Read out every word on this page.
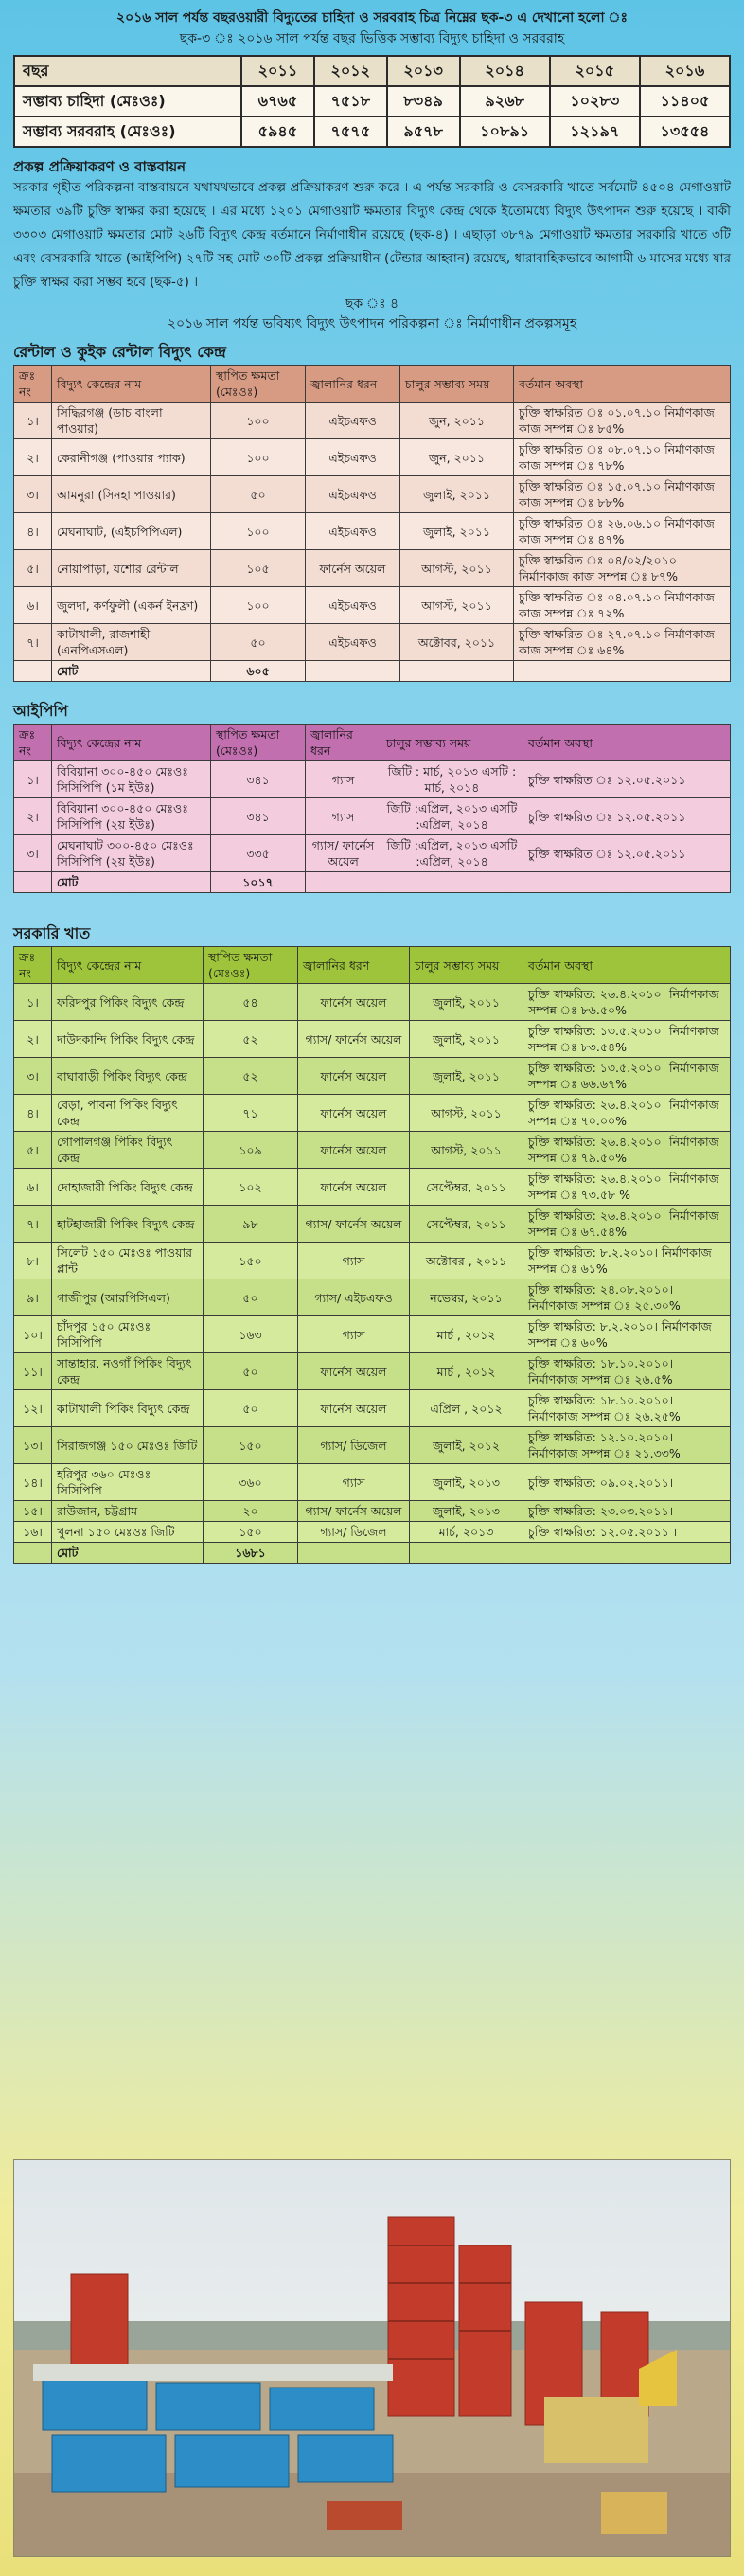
২০১৬ সাল পর্যন্ত বছরওয়ারী বিদ্যুতের চাহিদা ও সরবরাহ চিত্র নিম্নের ছক-৩ এ দেখানো হলো ঃ
ছক-৩ ঃ ২০১৬ সাল পর্যন্ত বছর ভিত্তিক সম্ভাব্য বিদ্যুৎ চাহিদা ও সরবরাহ
বছর	২০১১	২০১২	২০১৩	২০১৪	২০১৫	২০১৬
সম্ভাব্য চাহিদা (মেঃওঃ)	৬৭৬৫	৭৫১৮	৮৩৪৯	৯২৬৮	১০২৮৩	১১৪০৫
সম্ভাব্য সরবরাহ (মেঃওঃ)	৫৯৪৫	৭৫৭৫	৯৫৭৮	১০৮৯১	১২১৯৭	১৩৫৫৪
প্রকল্প প্রক্রিয়াকরণ ও বাস্তবায়ন
সরকার গৃহীত পরিকল্পনা বাস্তবায়নে যথাযথভাবে প্রকল্প প্রক্রিয়াকরণ শুরু করে । এ পর্যন্ত সরকারি ও বেসরকারি খাতে সর্বমোট ৪৫০৪ মেগাওয়াট ক্ষমতার ৩৯টি চুক্তি স্বাক্ষর করা হয়েছে । এর মধ্যে ১২০১ মেগাওয়াট ক্ষমতার বিদ্যুৎ কেন্দ্র থেকে ইতোমধ্যে বিদ্যুৎ উৎপাদন শুরু হয়েছে । বাকী ৩৩০৩ মেগাওয়াট ক্ষমতার মোট ২৬টি বিদ্যুৎ কেন্দ্র বর্তমানে নির্মাণাধীন রয়েছে (ছক-৪) । এছাড়া ৩৮৭৯ মেগাওয়াট ক্ষমতার সরকারি খাতে ৩টি এবং বেসরকারি খাতে (আইপিপি) ২৭টি সহ মোট ৩০টি প্রকল্প প্রক্রিয়াধীন (টেন্ডার আহ্বান) রয়েছে, ধারাবাহিকভাবে আগামী ৬ মাসের মধ্যে যার চুক্তি স্বাক্ষর করা সম্ভব হবে (ছক-৫) ।
ছক ঃ ৪
২০১৬ সাল পর্যন্ত ভবিষ্যৎ বিদ্যুৎ উৎপাদন পরিকল্পনা ঃ নির্মাণাধীন প্রকল্পসমূহ
রেন্টাল ও কুইক রেন্টাল বিদ্যুৎ কেন্দ্র
ক্রঃ নং	বিদ্যুৎ কেন্দ্রের নাম	স্থাপিত ক্ষমতা (মেঃওঃ)	জ্বালানির ধরন	চালুর সম্ভাব্য সময়	বর্তমান অবস্থা
১।	সিদ্ধিরগঞ্জ (ডাচ বাংলা পাওয়ার)	১০০	এইচএফও	জুন, ২০১১	চুক্তি স্বাক্ষরিত ঃ ০১.০৭.১০ নির্মাণকাজ কাজ সম্পন্ন ঃ ৮৫%
২।	কেরানীগঞ্জ (পাওয়ার প্যাক)	১০০	এইচএফও	জুন, ২০১১	চুক্তি স্বাক্ষরিত ঃ ০৮.০৭.১০ নির্মাণকাজ কাজ সম্পন্ন ঃ ৭৮%
৩।	আমনুরা (সিনহা পাওয়ার)	৫০	এইচএফও	জুলাই, ২০১১	চুক্তি স্বাক্ষরিত ঃ ১৫.০৭.১০ নির্মাণকাজ কাজ সম্পন্ন ঃ ৮৮%
৪।	মেঘনাঘাট, (এইচপিপিএল)	১০০	এইচএফও	জুলাই, ২০১১	চুক্তি স্বাক্ষরিত ঃ ২৬.০৬.১০ নির্মাণকাজ কাজ সম্পন্ন ঃ ৪৭%
৫।	নোয়াপাড়া, যশোর রেন্টাল	১০৫	ফার্নেস অয়েল	আগস্ট, ২০১১	চুক্তি স্বাক্ষরিত ঃ ০৪/০২/২০১০ নির্মাণকাজ কাজ সম্পন্ন ঃ ৮৭%
৬।	জুলদা, কর্ণফুলী (একর্ন ইনফ্রা)	১০০	এইচএফও	আগস্ট, ২০১১	চুক্তি স্বাক্ষরিত ঃ ০৪.০৭.১০ নির্মাণকাজ কাজ সম্পন্ন ঃ ৭২%
৭।	কাটাখালী, রাজশাহী (এনপিএসএল)	৫০	এইচএফও	অক্টোবর, ২০১১	চুক্তি স্বাক্ষরিত ঃ ২৭.০৭.১০ নির্মাণকাজ কাজ সম্পন্ন ঃ ৬৪%
	মোট	৬০৫			
আইপিপি
ক্রঃ নং	বিদ্যুৎ কেন্দ্রের নাম	স্থাপিত ক্ষমতা (মেঃওঃ)	জ্বালানির ধরন	চালুর সম্ভাব্য সময়	বর্তমান অবস্থা
১।	বিবিয়ানা ৩০০-৪৫০ মেঃওঃ সিসিপিপি (১ম ইউঃ)	৩৪১	গ্যাস	জিটি : মার্চ, ২০১৩ এসটি : মার্চ, ২০১৪	চুক্তি স্বাক্ষরিত ঃ ১২.০৫.২০১১
২।	বিবিয়ানা ৩০০-৪৫০ মেঃওঃ সিসিপিপি (২য় ইউঃ)	৩৪১	গ্যাস	জিটি :এপ্রিল, ২০১৩ এসটি :এপ্রিল, ২০১৪	চুক্তি স্বাক্ষরিত ঃ ১২.০৫.২০১১
৩।	মেঘনাঘাট ৩০০-৪৫০ মেঃওঃ সিসিপিপি (২য় ইউঃ)	৩৩৫	গ্যাস/ ফার্নেস অয়েল	জিটি :এপ্রিল, ২০১৩ এসটি :এপ্রিল, ২০১৪	চুক্তি স্বাক্ষরিত ঃ ১২.০৫.২০১১
	মোট	১০১৭			
সরকারি খাত
ক্রঃ নং	বিদ্যুৎ কেন্দ্রের নাম	স্থাপিত ক্ষমতা (মেঃওঃ)	জ্বালানির ধরণ	চালুর সম্ভাব্য সময়	বর্তমান অবস্থা
১।	ফরিদপুর পিকিং বিদ্যুৎ কেন্দ্র	৫৪	ফার্নেস অয়েল	জুলাই, ২০১১	চুক্তি স্বাক্ষরিত: ২৬.৪.২০১০। নির্মাণকাজ সম্পন্ন ঃ ৮৬.৫০%
২।	দাউদকান্দি পিকিং বিদ্যুৎ কেন্দ্র	৫২	গ্যাস/ ফার্নেস অয়েল	জুলাই, ২০১১	চুক্তি স্বাক্ষরিত: ১৩.৫.২০১০। নির্মাণকাজ সম্পন্ন ঃ ৮৩.৫৪%
৩।	বাঘাবাড়ী পিকিং বিদ্যুৎ কেন্দ্র	৫২	ফার্নেস অয়েল	জুলাই, ২০১১	চুক্তি স্বাক্ষরিত: ১৩.৫.২০১০। নির্মাণকাজ সম্পন্ন ঃ ৬৬.৬৭%
৪।	বেড়া, পাবনা পিকিং বিদ্যুৎ কেন্দ্র	৭১	ফার্নেস অয়েল	আগস্ট, ২০১১	চুক্তি স্বাক্ষরিত: ২৬.৪.২০১০। নির্মাণকাজ সম্পন্ন ঃ ৭০.০০%
৫।	গোপালগঞ্জ পিকিং বিদ্যুৎ কেন্দ্র	১০৯	ফার্নেস অয়েল	আগস্ট, ২০১১	চুক্তি স্বাক্ষরিত: ২৬.৪.২০১০। নির্মাণকাজ সম্পন্ন ঃ ৭৯.৫০%
৬।	দোহাজারী পিকিং বিদ্যুৎ কেন্দ্র	১০২	ফার্নেস অয়েল	সেপ্টেম্বর, ২০১১	চুক্তি স্বাক্ষরিত: ২৬.৪.২০১০। নির্মাণকাজ সম্পন্ন ঃ ৭৩.৫৮ %
৭।	হাটহাজারী পিকিং বিদ্যুৎ কেন্দ্র	৯৮	গ্যাস/ ফার্নেস অয়েল	সেপ্টেম্বর, ২০১১	চুক্তি স্বাক্ষরিত: ২৬.৪.২০১০। নির্মাণকাজ সম্পন্ন ঃ ৬৭.৫৪%
৮।	সিলেট ১৫০ মেঃওঃ পাওয়ার প্লান্ট	১৫০	গ্যাস	অক্টোবর , ২০১১	চুক্তি স্বাক্ষরিত: ৮.২.২০১০। নির্মাণকাজ সম্পন্ন ঃ ৬১%
৯।	গাজীপুর (আরপিসিএল)	৫০	গ্যাস/ এইচএফও	নভেম্বর, ২০১১	চুক্তি স্বাক্ষরিত: ২৪.০৮.২০১০। নির্মাণকাজ সম্পন্ন ঃ ২৫.৩০%
১০।	চাঁদপুর ১৫০ মেঃওঃ সিসিপিপি	১৬৩	গ্যাস	মার্চ , ২০১২	চুক্তি স্বাক্ষরিত: ৮.২.২০১০। নির্মাণকাজ সম্পন্ন ঃ ৬০%
১১।	সান্তাহার, নওগাঁ পিকিং বিদ্যুৎ কেন্দ্র	৫০	ফার্নেস অয়েল	মার্চ , ২০১২	চুক্তি স্বাক্ষরিত: ১৮.১০.২০১০। নির্মাণকাজ সম্পন্ন ঃ ২৬.৫%
১২।	কাটাখালী পিকিং বিদ্যুৎ কেন্দ্র	৫০	ফার্নেস অয়েল	এপ্রিল , ২০১২	চুক্তি স্বাক্ষরিত: ১৮.১০.২০১০। নির্মাণকাজ সম্পন্ন ঃ ২৬.২৫%
১৩।	সিরাজগঞ্জ ১৫০ মেঃওঃ জিটি	১৫০	গ্যাস/ ডিজেল	জুলাই, ২০১২	চুক্তি স্বাক্ষরিত: ১২.১০.২০১০। নির্মাণকাজ সম্পন্ন ঃ ২১.৩৩%
১৪।	হরিপুর ৩৬০ মেঃওঃ সিসিপিপি	৩৬০	গ্যাস	জুলাই, ২০১৩	চুক্তি স্বাক্ষরিত: ০৯.০২.২০১১।
১৫।	রাউজান, চট্টগ্রাম	২০	গ্যাস/ ফার্নেস অয়েল	জুলাই, ২০১৩	চুক্তি স্বাক্ষরিত: ২৩.০৩.২০১১।
১৬।	খুলনা ১৫০ মেঃওঃ জিটি	১৫০	গ্যাস/ ডিজেল	মার্চ, ২০১৩	চুক্তি স্বাক্ষরিত: ১২.০৫.২০১১ ।
	মোট	১৬৮১			
